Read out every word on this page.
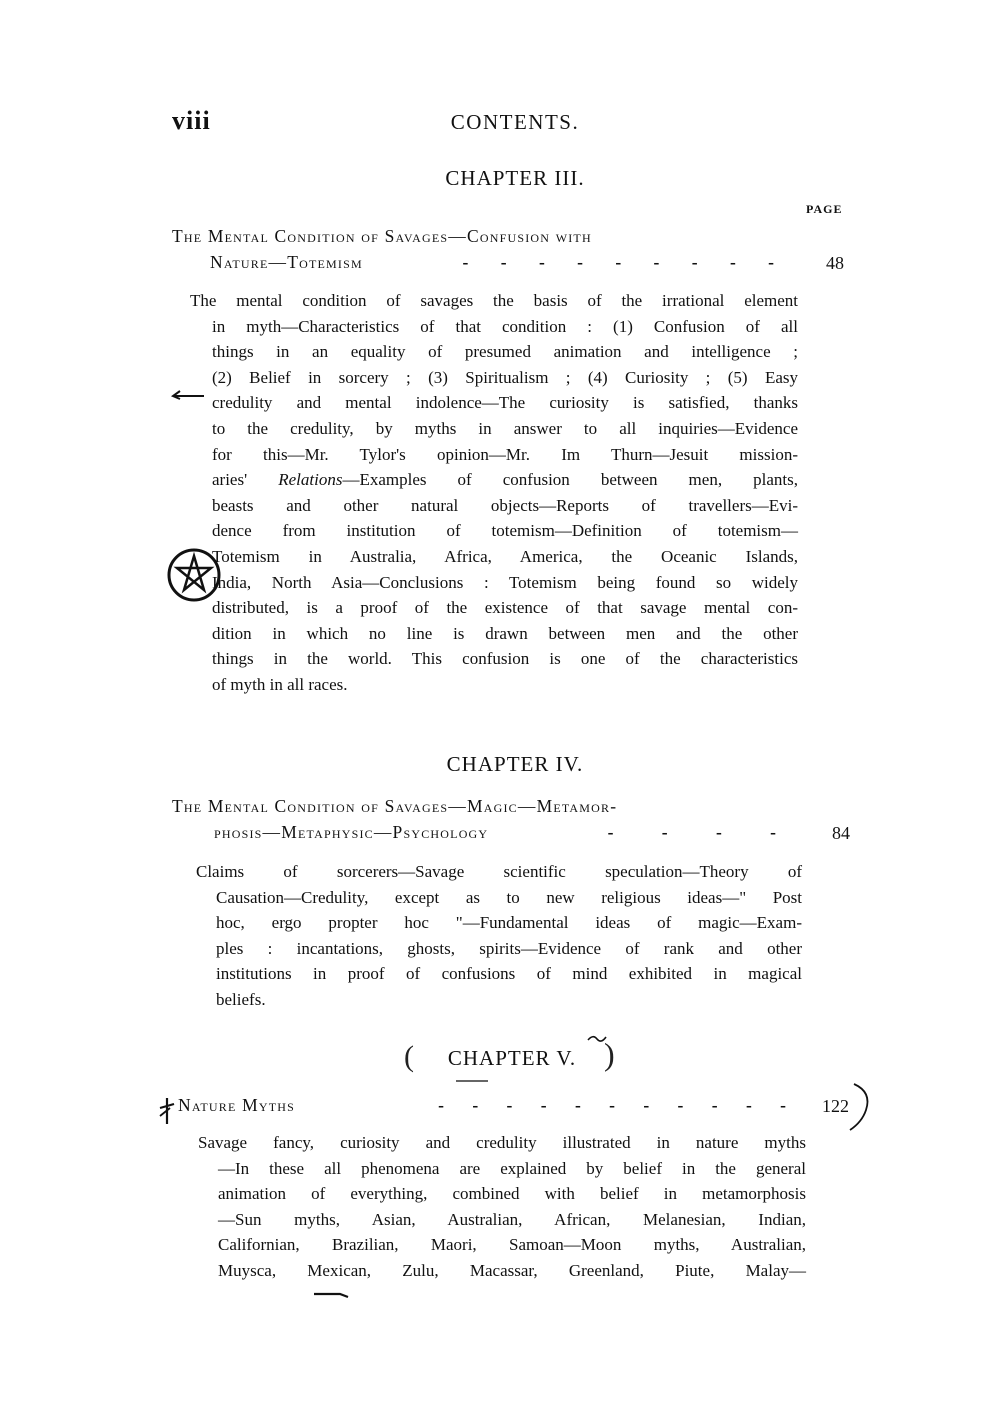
viii	CONTENTS.
CHAPTER III.
PAGE
The Mental Condition of Savages—Confusion with
Nature—Totemism	- - - - - - - - - 48
The mental condition of savages the basis of the irrational element
in myth—Characteristics of that condition : (1) Confusion of all
things in an equality of presumed animation and intelligence ;
(2) Belief in sorcery ; (3) Spiritualism ; (4) Curiosity ; (5) Easy
credulity and mental indolence—The curiosity is satisfied, thanks
to the credulity, by myths in answer to all inquiries—Evidence
for this—Mr. Tylor's opinion—Mr. Im Thurn—Jesuit mission-
aries' Relations—Examples of confusion between men, plants,
beasts and other natural objects—Reports of travellers—Evi-
dence from institution of totemism—Definition of totemism—
Totemism in Australia, Africa, America, the Oceanic Islands,
India, North Asia—Conclusions : Totemism being found so widely
distributed, is a proof of the existence of that savage mental con-
dition in which no line is drawn between men and the other
things in the world. This confusion is one of the characteristics
of myth in all races.
CHAPTER IV.
The Mental Condition of Savages—Magic—Metamor-
phosis—Metaphysic—Psychology	- - - - 84
Claims of sorcerers—Savage scientific speculation—Theory of
Causation—Credulity, except as to new religious ideas—" Post
hoc, ergo propter hoc "—Fundamental ideas of magic—Exam-
ples : incantations, ghosts, spirits—Evidence of rank and other
institutions in proof of confusions of mind exhibited in magical
beliefs.
(	CHAPTER V. )
Nature Myths	- - - - - - - - - - - 122
Savage fancy, curiosity and credulity illustrated in nature myths
—In these all phenomena are explained by belief in the general
animation of everything, combined with belief in metamorphosis
—Sun myths, Asian, Australian, African, Melanesian, Indian,
Californian, Brazilian, Maori, Samoan—Moon myths, Australian,
Muysca, Mexican, Zulu, Macassar, Greenland, Piute, Malay—
